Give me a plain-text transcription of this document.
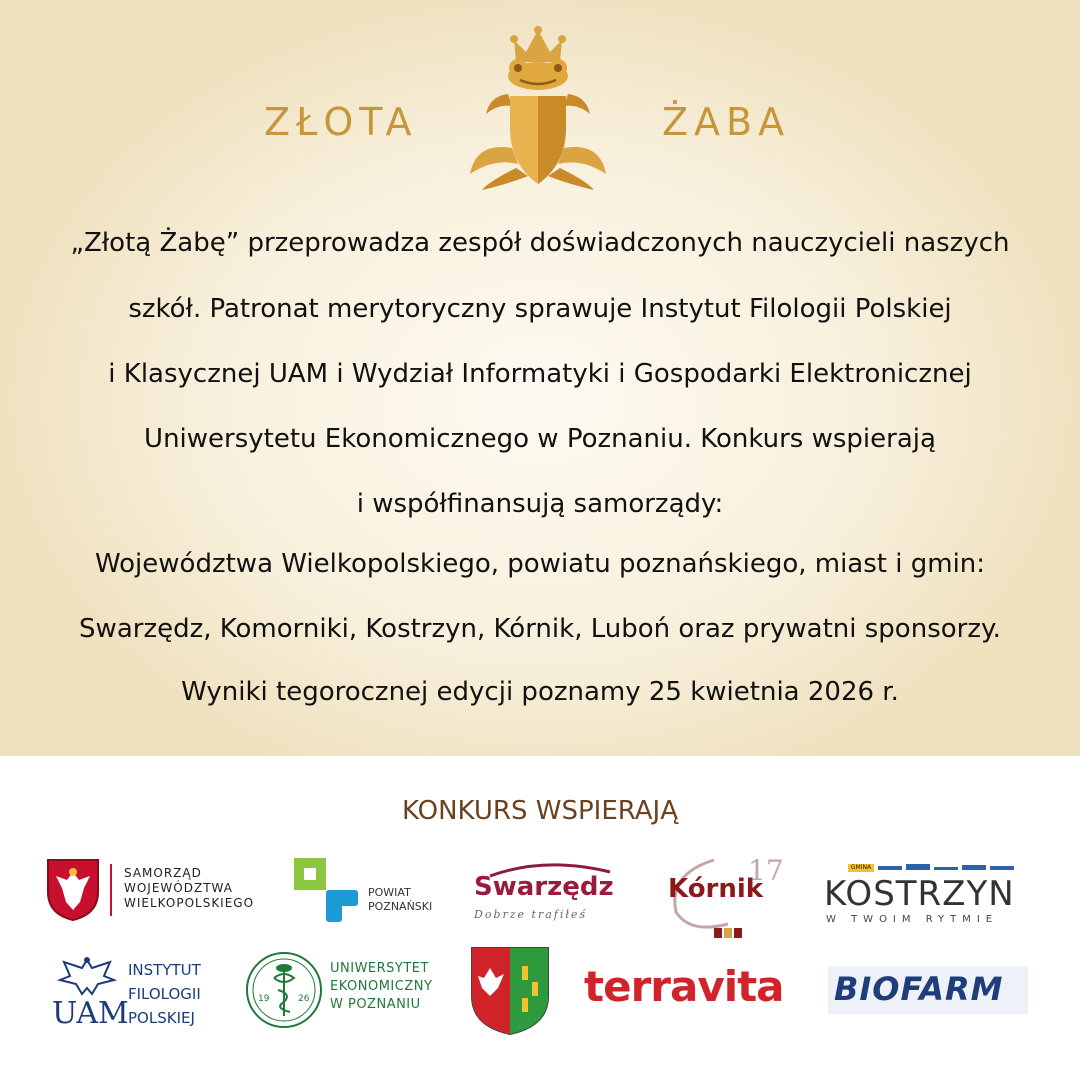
ZŁOTA	ŻABA
„Złotą Żabę” przeprowadza zespół doświadczonych nauczycieli naszych
szkół. Patronat merytoryczny sprawuje Instytut Filologii Polskiej
i Klasycznej UAM i Wydział Informatyki i Gospodarki Elektronicznej
Uniwersytetu Ekonomicznego w Poznaniu. Konkurs wspierają
i współfinansują samorządy:
Województwa Wielkopolskiego, powiatu poznańskiego, miast i gmin:
Swarzędz, Komorniki, Kostrzyn, Kórnik, Luboń oraz prywatni sponsorzy.
Wyniki tegorocznej edycji poznamy 25 kwietnia 2026 r.
KONKURS WSPIERAJĄ
SAMORZĄD
WOJEWÓDZTWA
WIELKOPOLSKIEGO
POWIAT
POZNAŃSKI
Swarzędz
Dobrze trafiłeś
17
Kórnik
GMINA
KOSTRZYN
W TWOIM RYTMIE
UAM
INSTYTUT
FILOLOGII
POLSKIEJ
19	26
UNIWERSYTET
EKONOMICZNY
W POZNANIU	terravita BIOFARM
